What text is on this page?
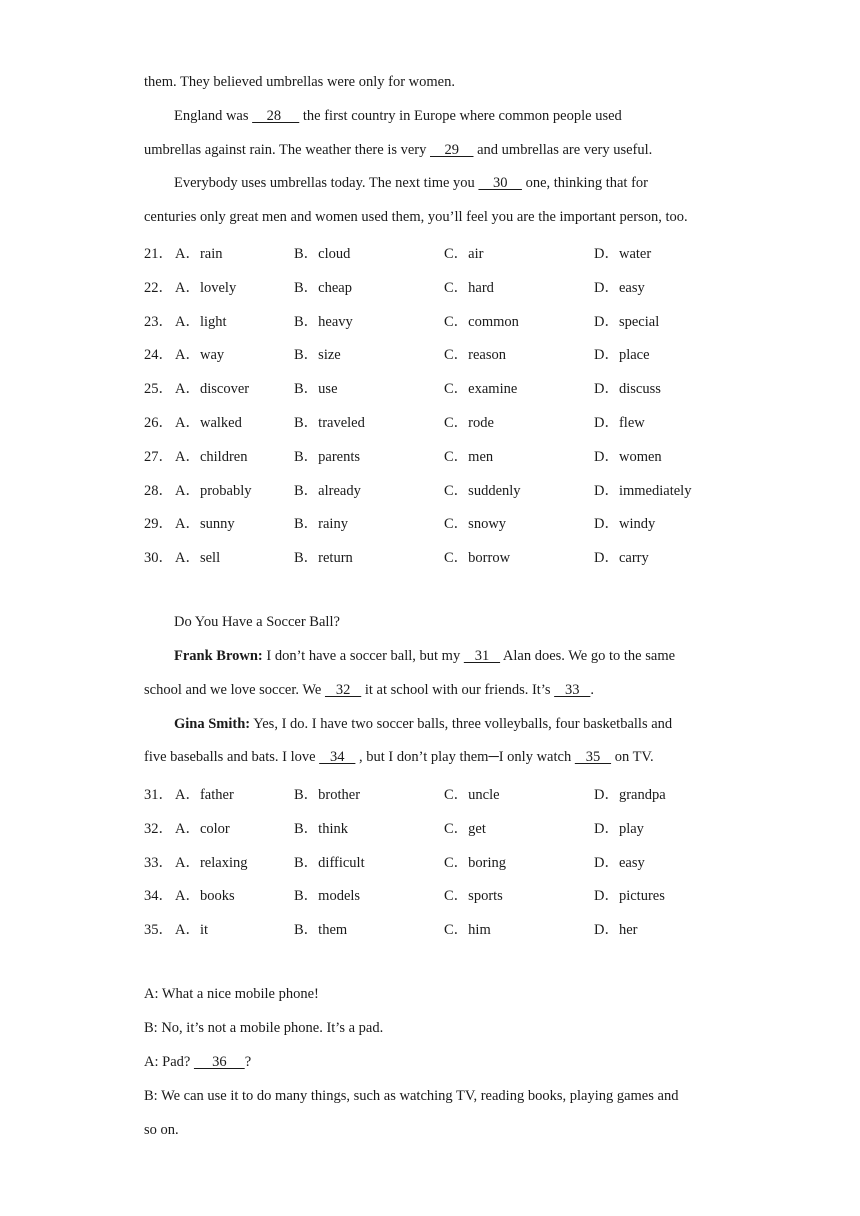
them. They believed umbrellas were only for women.
England was     28      the first country in Europe where common people used
umbrellas against rain. The weather there is very     29     and umbrellas are very useful.
Everybody uses umbrellas today. The next time you     30     one, thinking that for
centuries only great men and women used them, you’ll feel you are the important person, too.
21． A．rain	B．cloud	C．air	D．water
22． A．lovely	B．cheap	C．hard	D．easy
23． A．light	B．heavy	C．common	D．special
24． A．way	B．size	C．reason	D．place
25． A．discover	B．use	C．examine	D．discuss
26． A．walked	B．traveled	C．rode	D．flew
27． A．children	B．parents	C．men	D．women
28． A．probably	B．already	C．suddenly	D．immediately
29． A．sunny	B．rainy	C．snowy	D．windy
30． A．sell	B．return	C．borrow	D．carry
Do You Have a Soccer Ball?
Frank Brown: I don’t have a soccer ball, but my    31    Alan does. We go to the same
school and we love soccer. We    32    it at school with our friends. It’s    33   .
Gina Smith: Yes, I do. I have two soccer balls, three volleyballs, four basketballs and
five baseballs and bats. I love    34    , but I don’t play them─I only watch    35    on TV.
31． A．father	B．brother	C．uncle	D．grandpa
32． A．color	B．think	C．get	D．play
33． A．relaxing	B．difficult	C．boring	D．easy
34． A．books	B．models	C．sports	D．pictures
35． A．it	B．them	C．him	D．her
A: What a nice mobile phone!
B: No, it’s not a mobile phone. It’s a pad.
A: Pad?      36     ?
B: We can use it to do many things, such as watching TV, reading books, playing games and
so on.
